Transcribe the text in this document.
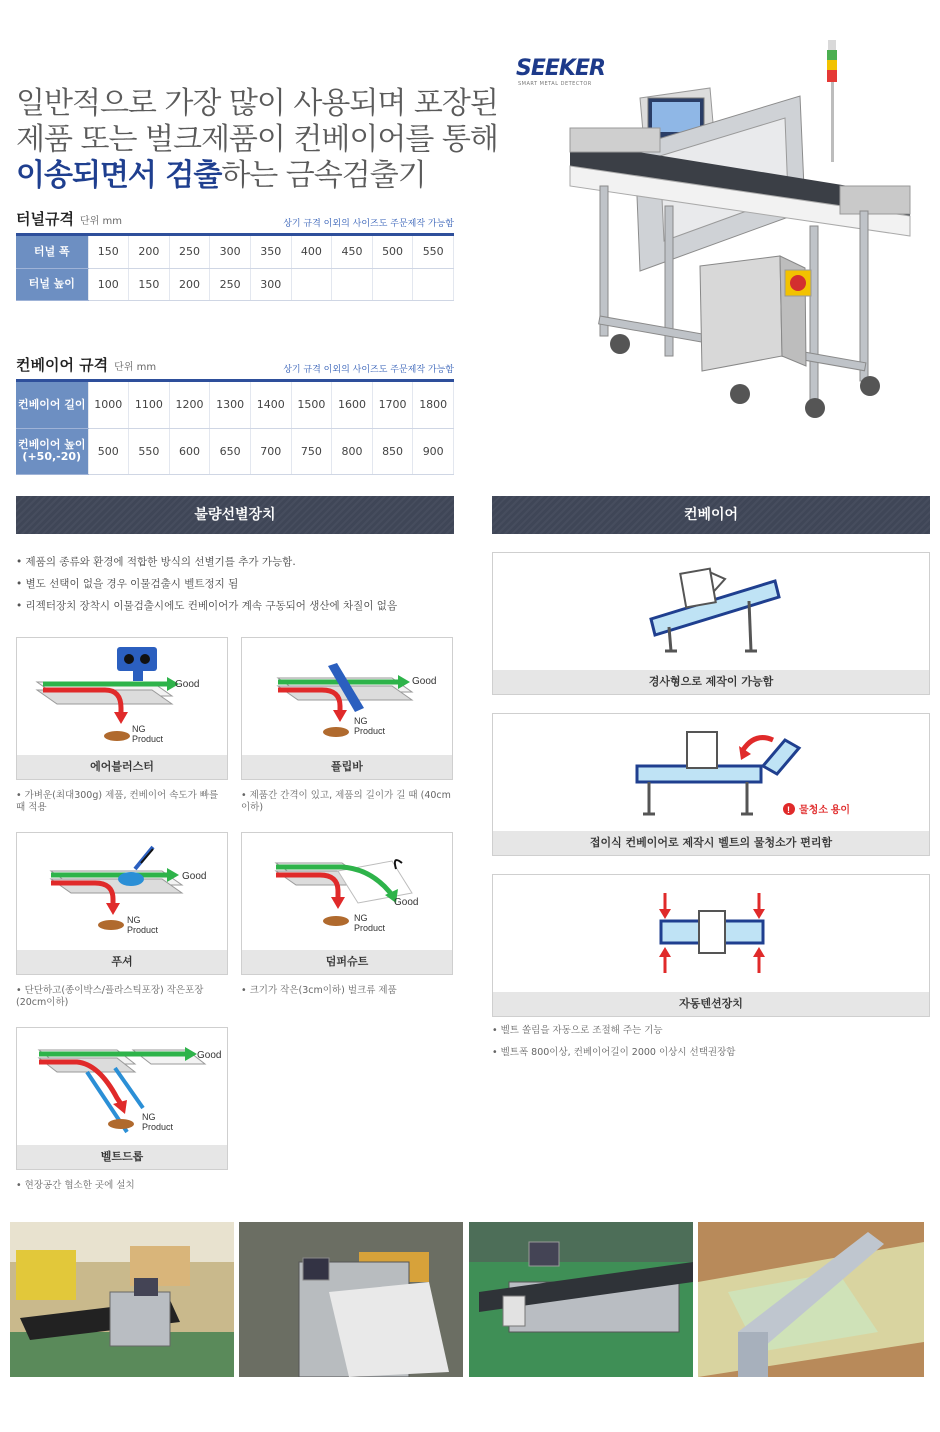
일반적으로 가장 많이 사용되며 포장된
제품 또는 벌크제품이 컨베이어를 통해
이송되면서 검출하는 금속검출기
SEEKER
SMART METAL DETECTOR
터널규격 단위 mm	상기 규격 이외의 사이즈도 주문제작 가능함
터널 폭	150	200	250	300	350	400	450	500	550
터널 높이	100	150	200	250	300				
컨베이어 규격 단위 mm	상기 규격 이외의 사이즈도 주문제작 가능함
컨베이어 길이	1000	1100	1200	1300	1400	1500	1600	1700	1800
컨베이어 높이 (+50,-20)	500	550	600	650	700	750	800	850	900
불량선별장치	컨베이어
• 제품의 종류와 환경에 적합한 방식의 선별기를 추가 가능함.
• 별도 선택이 없을 경우 이물검출시 벨트정지 됨
• 리젝터장치 장착시 이물검출시에도 컨베이어가 계속 구동되어 생산에 차질이 없음
Good
NG
Product
에어블러스터
• 가벼운(최대300g) 제품, 컨베이어 속도가 빠를 때 적용
Good
NG
Product
플립바
• 제품간 간격이 있고, 제품의 길이가 길 때 (40cm이하)
Good
NG
Product
푸셔
• 단단하고(종이박스/플라스틱포장) 작은포장(20cm이하)
Good
NG
Product
덤퍼슈트
• 크기가 작은(3cm이하) 벌크류 제품
Good
NG
Product
벨트드롭
• 현장공간 협소한 곳에 설치
경사형으로 제작이 가능함
! 물청소 용이
접이식 컨베이어로 제작시 벨트의 물청소가 편리함
자동텐션장치
• 벨트 쏠림을 자동으로 조절해 주는 기능
• 벨트폭 800이상, 컨베이어길이 2000 이상시 선택권장함
